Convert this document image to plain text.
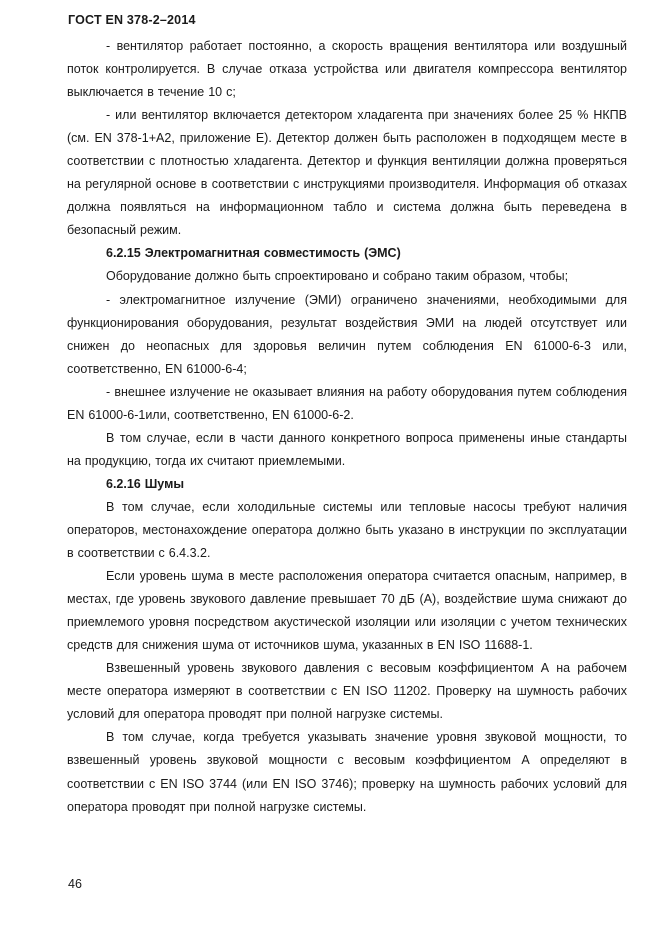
ГОСТ EN 378-2–2014

- вентилятор работает постоянно, а скорость вращения вентилятора или воздушный поток контролируется. В случае отказа устройства или двигателя компрессора вентилятор выключается в течение 10 с;

- или вентилятор включается детектором хладагента при значениях более 25 % НКПВ (см. EN 378-1+A2, приложение Е). Детектор должен быть расположен в подходящем месте в соответствии с плотностью хладагента. Детектор и функция вентиляции должна проверяться на регулярной основе в соответствии с инструкциями производителя. Информация об отказах должна появляться на информационном табло и система должна быть переведена в безопасный режим.

6.2.15 Электромагнитная совместимость (ЭМС)

Оборудование должно быть спроектировано и собрано таким образом, чтобы;

- электромагнитное излучение (ЭМИ) ограничено значениями, необходимыми для функционирования оборудования, результат воздействия ЭМИ на людей отсутствует или снижен до неопасных для здоровья величин путем соблюдения EN 61000-6-3 или, соответственно, EN 61000-6-4;

- внешнее излучение не оказывает влияния на работу оборудования путем соблюдения EN 61000-6-1или, соответственно, EN 61000-6-2.

В том случае, если в части данного конкретного вопроса применены иные стандарты на продукцию, тогда их считают приемлемыми.

6.2.16 Шумы

В том случае, если холодильные системы или тепловые насосы требуют наличия операторов, местонахождение оператора должно быть указано в инструкции по эксплуатации в соответствии с 6.4.3.2.

Если уровень шума в месте расположения оператора считается опасным, например, в местах, где уровень звукового давление превышает 70 дБ (А), воздействие шума снижают до приемлемого уровня посредством акустической изоляции или изоляции с учетом технических средств для снижения шума от источников шума, указанных в EN ISO 11688-1.

Взвешенный уровень звукового давления с весовым коэффициентом А на рабочем месте оператора измеряют в соответствии с EN ISO 11202. Проверку на шумность рабочих условий для оператора проводят при полной нагрузке системы.

В том случае, когда требуется указывать значение уровня звуковой мощности, то взвешенный уровень звуковой мощности с весовым коэффициентом А определяют в соответствии с EN ISO 3744 (или EN ISO 3746); проверку на шумность рабочих условий для оператора проводят при полной нагрузке системы.

46
